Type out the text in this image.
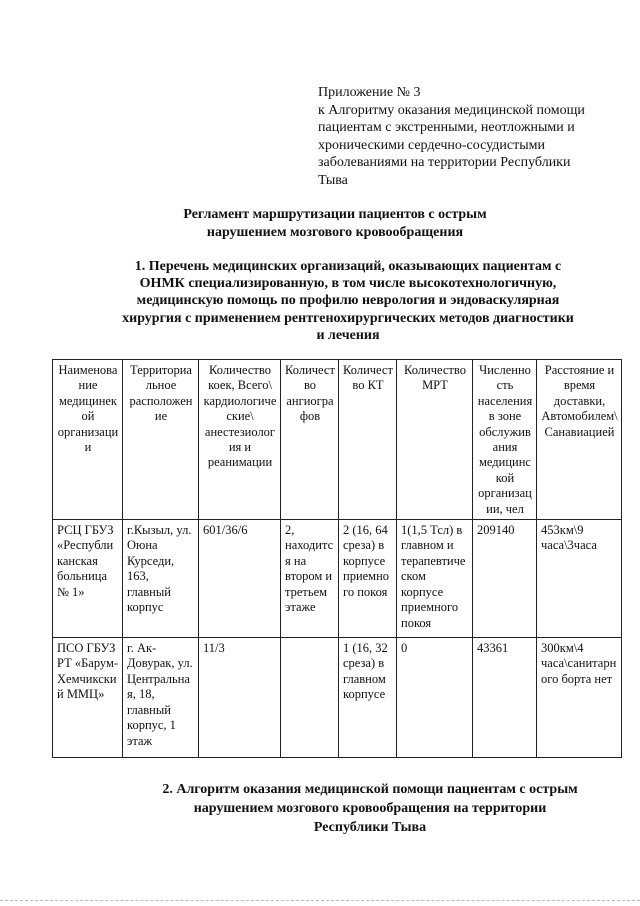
Приложение № 3
к Алгоритму оказания медицинской помощи
пациентам с экстренными, неотложными и
хроническими сердечно-сосудистыми
заболеваниями на территории Республики
Тыва
Регламент маршрутизации пациентов с острым
нарушением мозгового кровообращения
1. Перечень медицинских организаций, оказывающих пациентам с
ОНМК специализированную, в том числе высокотехнологичную,
медицинскую помощь по профилю неврология и эндоваскулярная
хирургия с применением рентгенохирургических методов диагностики
и лечения
Наименование медицинекой организации	Территориальное расположение	Количество коек, Всего\ кардиологические\ анестезиология и реанимации	Количество ангиографов	Количество КТ	Количество МРТ	Численность населения в зоне обслуживания медицинской организации, чел	Расстояние и время доставки, Автомобилем\ Санавиацией
РСЦ ГБУЗ «Республиканская больница № 1»	г.Кызыл, ул. Оюна Курседи, 163, главный корпус	601/36/6	2, находится на втором и третьем этаже	2 (16, 64 среза) в корпусе приемного покоя	1(1,5 Тсл) в главном и терапевтическом корпусе приемного покоя	209140	453км\9 часа\3часа
ПСО ГБУЗ РТ «Барум-Хемчикский ММЦ»	г. Ак-Довурак, ул. Центральная, 18, главный корпус, 1 этаж	11/3		1 (16, 32 среза) в главном корпусе	0	43361	300км\4 часа\санитарного борта нет
2. Алгоритм оказания медицинской помощи пациентам с острым
нарушением мозгового кровообращения на территории
Республики Тыва
